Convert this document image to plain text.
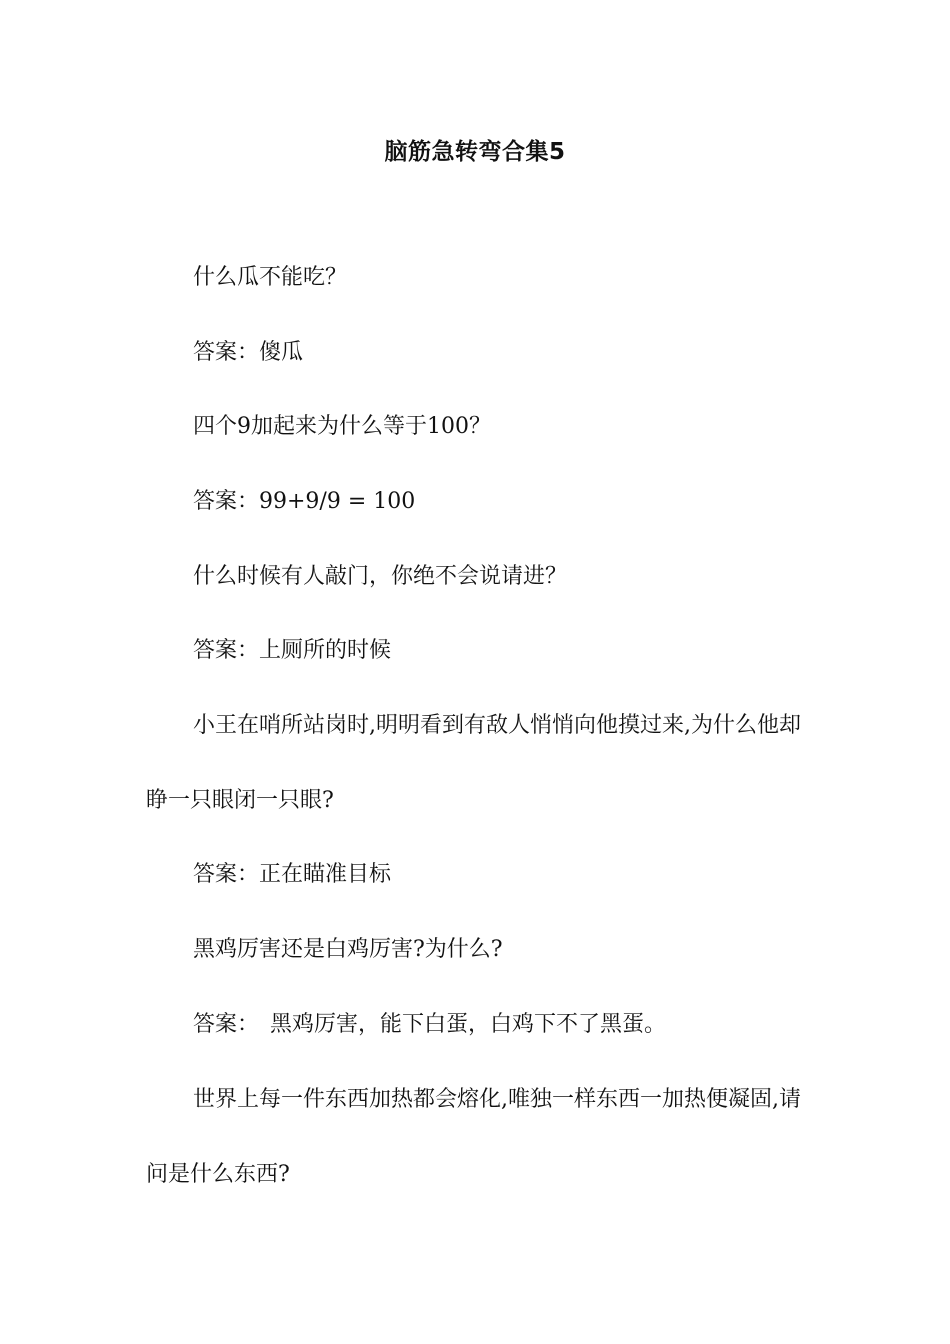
脑筋急转弯合集5

什么瓜不能吃？

答案：傻瓜

四个9加起来为什么等于100？

答案：99+9/9 = 100

什么时候有人敲门，你绝不会说请进？

答案：上厕所的时候

小王在哨所站岗时,明明看到有敌人悄悄向他摸过来,为什么他却睁一只眼闭一只眼?

答案：正在瞄准目标

黑鸡厉害还是白鸡厉害?为什么?

答案：　黑鸡厉害，能下白蛋，白鸡下不了黑蛋。

世界上每一件东西加热都会熔化,唯独一样东西一加热便凝固,请问是什么东西?
